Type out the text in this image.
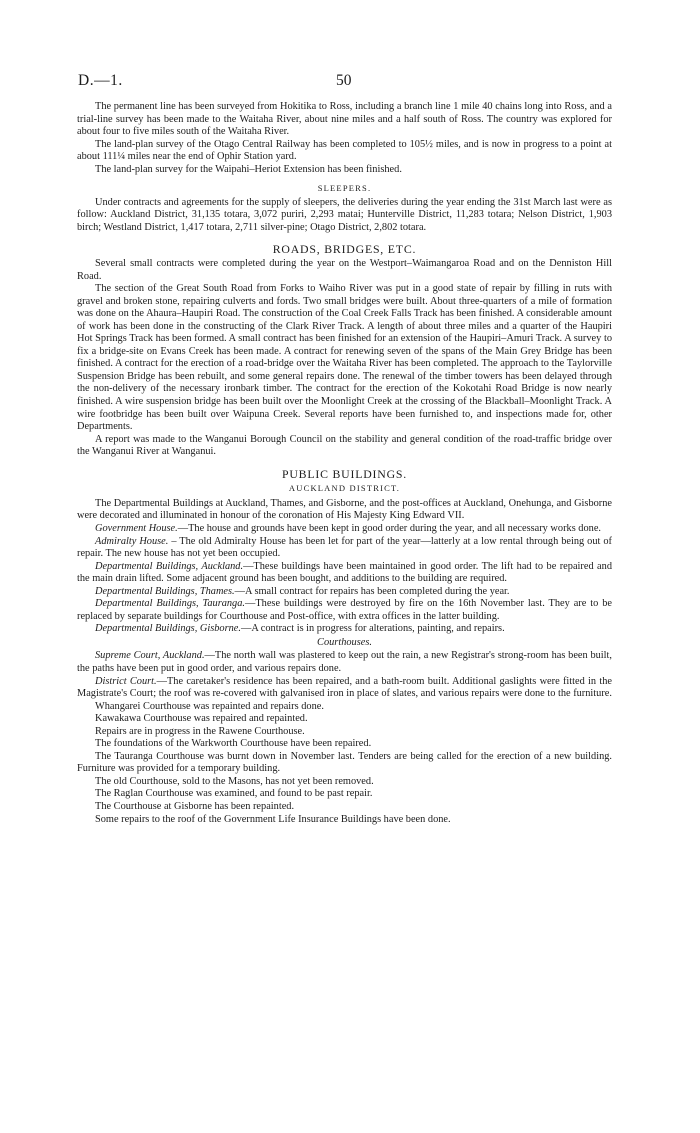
D.—1.	50

The permanent line has been surveyed from Hokitika to Ross, including a branch line 1 mile 40 chains long into Ross, and a trial-line survey has been made to the Waitaha River, about nine miles and a half south of Ross. The country was explored for about four to five miles south of the Waitaha River.

The land-plan survey of the Otago Central Railway has been completed to 105½ miles, and is now in progress to a point at about 111¼ miles near the end of Ophir Station yard.

The land-plan survey for the Waipahi–Heriot Extension has been finished.

SLEEPERS.

Under contracts and agreements for the supply of sleepers, the deliveries during the year ending the 31st March last were as follow: Auckland District, 31,135 totara, 3,072 puriri, 2,293 matai; Hunterville District, 11,283 totara; Nelson District, 1,903 birch; Westland District, 1,417 totara, 2,711 silver-pine; Otago District, 2,802 totara.

ROADS, BRIDGES, ETC.

Several small contracts were completed during the year on the Westport–Waimangaroa Road and on the Denniston Hill Road.

The section of the Great South Road from Forks to Waiho River was put in a good state of repair by filling in ruts with gravel and broken stone, repairing culverts and fords. Two small bridges were built. About three-quarters of a mile of formation was done on the Ahaura–Haupiri Road. The construction of the Coal Creek Falls Track has been finished. A considerable amount of work has been done in the constructing of the Clark River Track. A length of about three miles and a quarter of the Haupiri Hot Springs Track has been formed. A small contract has been finished for an extension of the Haupiri–Amuri Track. A survey to fix a bridge-site on Evans Creek has been made. A contract for renewing seven of the spans of the Main Grey Bridge has been finished. A contract for the erection of a road-bridge over the Waitaha River has been completed. The approach to the Taylorville Suspension Bridge has been rebuilt, and some general repairs done. The renewal of the timber towers has been delayed through the non-delivery of the necessary ironbark timber. The contract for the erection of the Kokotahi Road Bridge is now nearly finished. A wire suspension bridge has been built over the Moonlight Creek at the crossing of the Blackball–Moonlight Track. A wire footbridge has been built over Waipuna Creek. Several reports have been furnished to, and inspections made for, other Departments.

A report was made to the Wanganui Borough Council on the stability and general condition of the road-traffic bridge over the Wanganui River at Wanganui.

PUBLIC BUILDINGS.
AUCKLAND DISTRICT.

The Departmental Buildings at Auckland, Thames, and Gisborne, and the post-offices at Auckland, Onehunga, and Gisborne were decorated and illuminated in honour of the coronation of His Majesty King Edward VII.

Government House.—The house and grounds have been kept in good order during the year, and all necessary works done.

Admiralty House. – The old Admiralty House has been let for part of the year—latterly at a low rental through being out of repair. The new house has not yet been occupied.

Departmental Buildings, Auckland.—These buildings have been maintained in good order. The lift had to be repaired and the main drain lifted. Some adjacent ground has been bought, and additions to the building are required.

Departmental Buildings, Thames.—A small contract for repairs has been completed during the year.

Departmental Buildings, Tauranga.—These buildings were destroyed by fire on the 16th November last. They are to be replaced by separate buildings for Courthouse and Post-office, with extra offices in the latter building.

Departmental Buildings, Gisborne.—A contract is in progress for alterations, painting, and repairs.

Courthouses.

Supreme Court, Auckland.—The north wall was plastered to keep out the rain, a new Registrar's strong-room has been built, the paths have been put in good order, and various repairs done.

District Court.—The caretaker's residence has been repaired, and a bath-room built. Additional gaslights were fitted in the Magistrate's Court; the roof was re-covered with galvanised iron in place of slates, and various repairs were done to the furniture.

Whangarei Courthouse was repainted and repairs done.

Kawakawa Courthouse was repaired and repainted.

Repairs are in progress in the Rawene Courthouse.

The foundations of the Warkworth Courthouse have been repaired.

The Tauranga Courthouse was burnt down in November last. Tenders are being called for the erection of a new building. Furniture was provided for a temporary building.

The old Courthouse, sold to the Masons, has not yet been removed.

The Raglan Courthouse was examined, and found to be past repair.

The Courthouse at Gisborne has been repainted.

Some repairs to the roof of the Government Life Insurance Buildings have been done.
